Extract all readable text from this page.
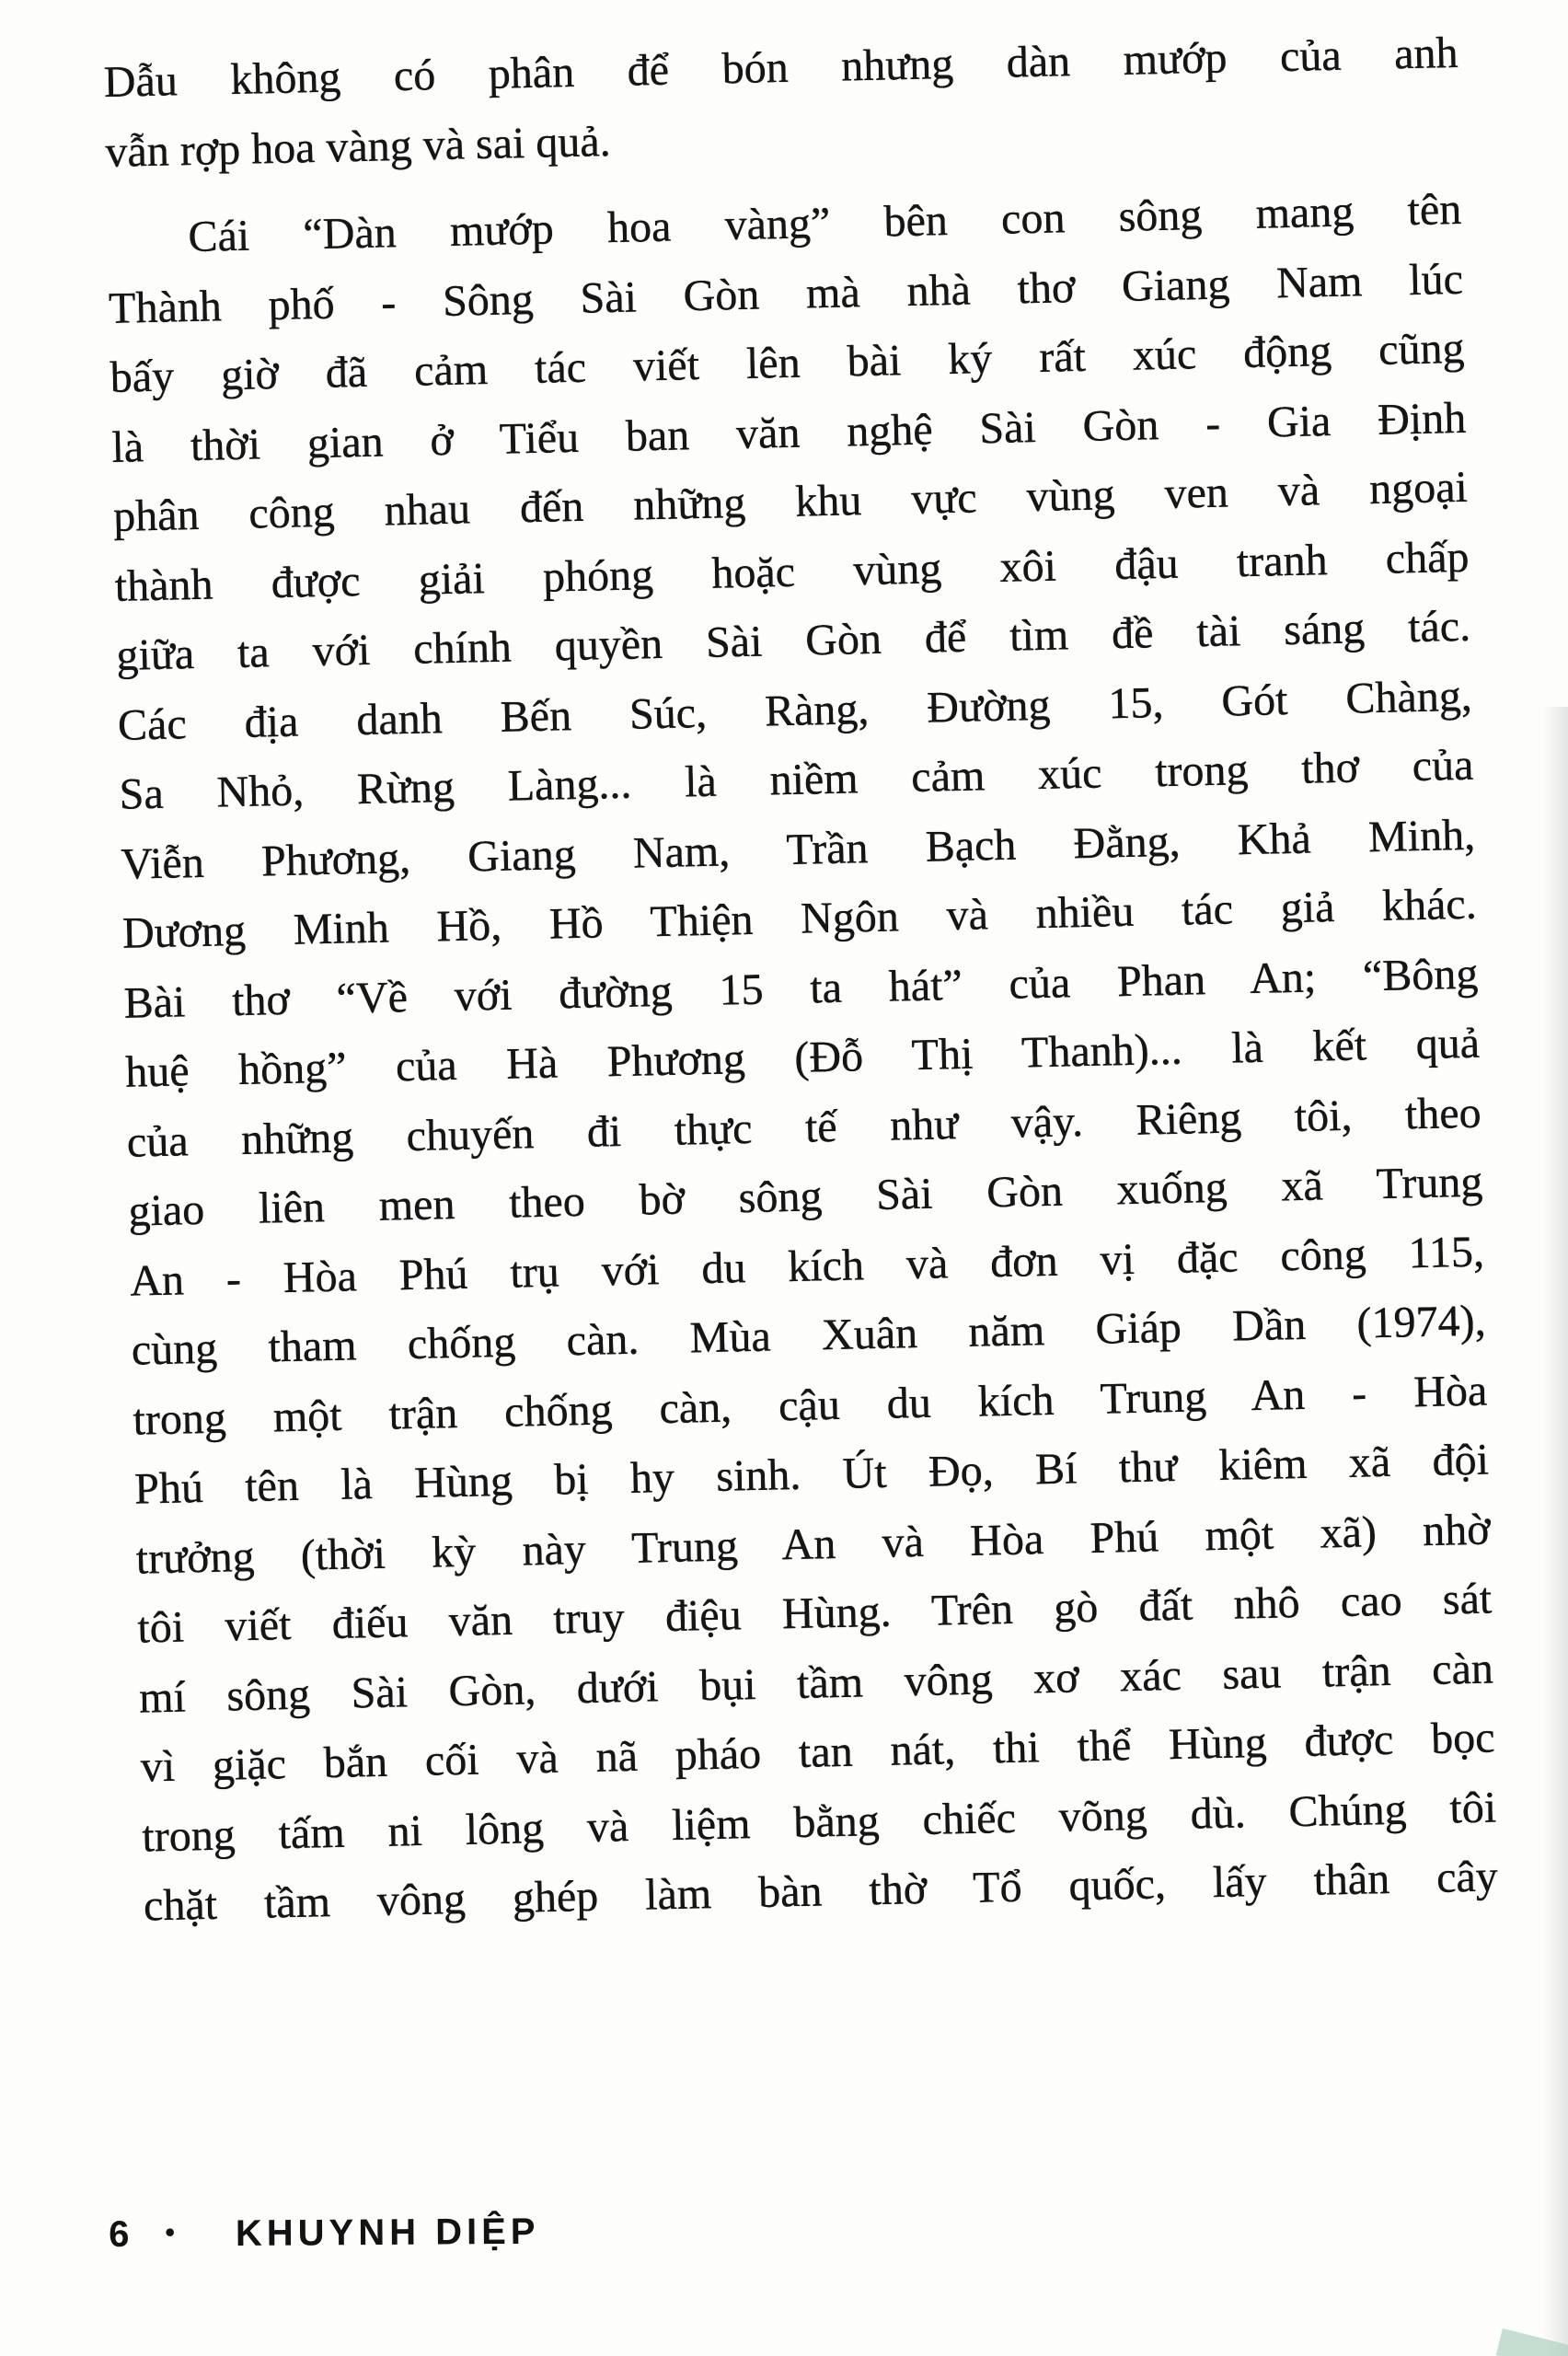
Dẫu không có phân để bón nhưng dàn mướp của anh
vẫn rợp hoa vàng và sai quả.
Cái “Dàn mướp hoa vàng” bên con sông mang tên
Thành phố - Sông Sài Gòn mà nhà thơ Giang Nam lúc
bấy giờ đã cảm tác viết lên bài ký rất xúc động cũng
là thời gian ở Tiểu ban văn nghệ Sài Gòn - Gia Định
phân công nhau đến những khu vực vùng ven và ngoại
thành được giải phóng hoặc vùng xôi đậu tranh chấp
giữa ta với chính quyền Sài Gòn để tìm đề tài sáng tác.
Các địa danh Bến Súc, Ràng, Đường 15, Gót Chàng,
Sa Nhỏ, Rừng Làng... là niềm cảm xúc trong thơ của
Viễn Phương, Giang Nam, Trần Bạch Đằng, Khả Minh,
Dương Minh Hồ, Hồ Thiện Ngôn và nhiều tác giả khác.
Bài thơ “Về với đường 15 ta hát” của Phan An; “Bông
huệ hồng” của Hà Phương (Đỗ Thị Thanh)... là kết quả
của những chuyến đi thực tế như vậy. Riêng tôi, theo
giao liên men theo bờ sông Sài Gòn xuống xã Trung
An - Hòa Phú trụ với du kích và đơn vị đặc công 115,
cùng tham chống càn. Mùa Xuân năm Giáp Dần (1974),
trong một trận chống càn, cậu du kích Trung An - Hòa
Phú tên là Hùng bị hy sinh. Út Đọ, Bí thư kiêm xã đội
trưởng (thời kỳ này Trung An và Hòa Phú một xã) nhờ
tôi viết điếu văn truy điệu Hùng. Trên gò đất nhô cao sát
mí sông Sài Gòn, dưới bụi tầm vông xơ xác sau trận càn
vì giặc bắn cối và nã pháo tan nát, thi thể Hùng được bọc
trong tấm ni lông và liệm bằng chiếc võng dù. Chúng tôi
chặt tầm vông ghép làm bàn thờ Tổ quốc, lấy thân cây
6 • KHUYNH DIỆP
